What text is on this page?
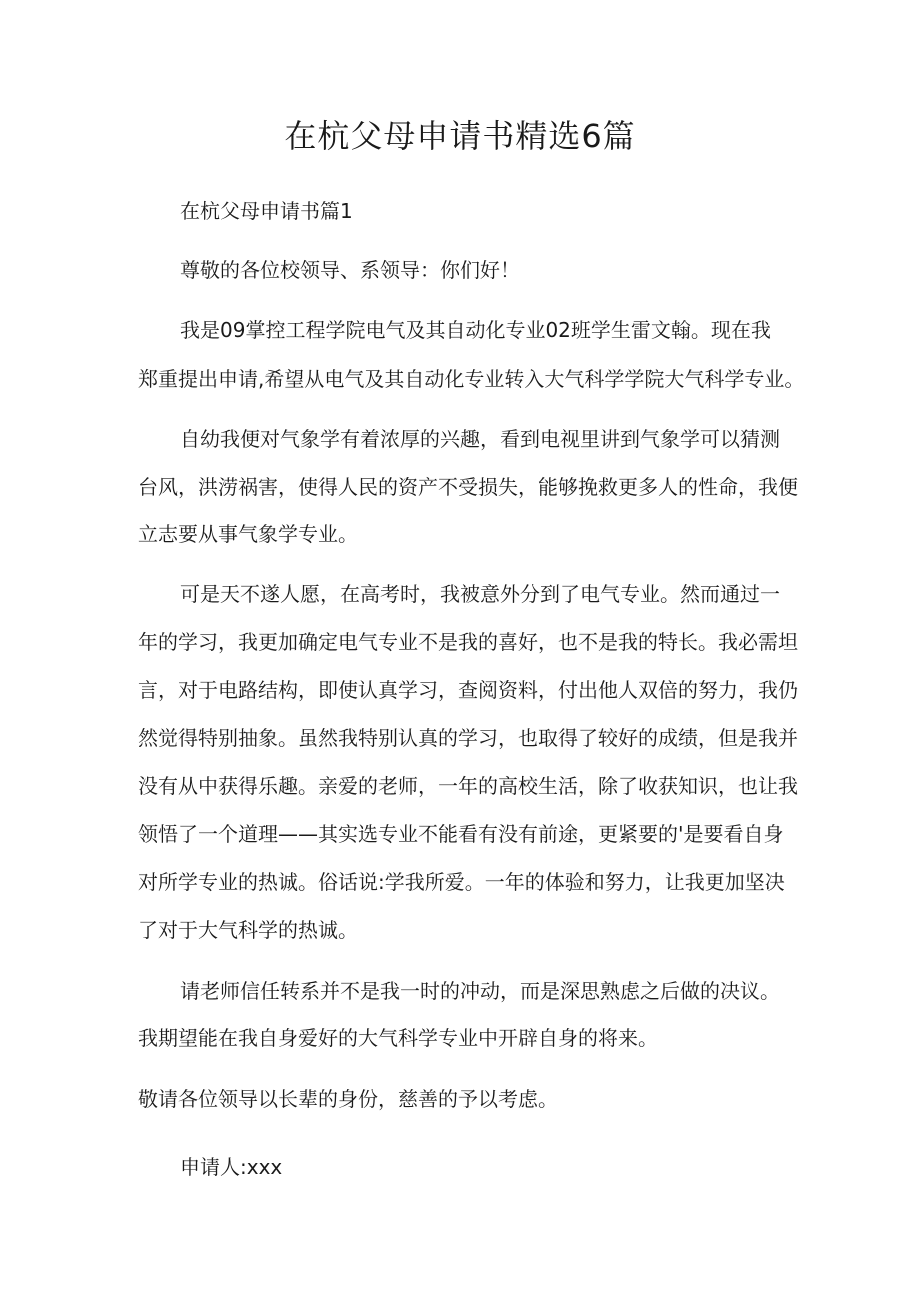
在杭父母申请书精选6篇
在杭父母申请书篇1
尊敬的各位校领导、系领导：你们好！
我是09掌控工程学院电气及其自动化专业02班学生雷文翰。现在我
郑重提出申请,希望从电气及其自动化专业转入大气科学学院大气科学专业。
自幼我便对气象学有着浓厚的兴趣，看到电视里讲到气象学可以猜测
台风，洪涝祸害，使得人民的资产不受损失，能够挽救更多人的性命，我便
立志要从事气象学专业。
可是天不遂人愿，在高考时，我被意外分到了电气专业。然而通过一
年的学习，我更加确定电气专业不是我的喜好，也不是我的特长。我必需坦
言，对于电路结构，即使认真学习，查阅资料，付出他人双倍的努力，我仍
然觉得特别抽象。虽然我特别认真的学习，也取得了较好的成绩，但是我并
没有从中获得乐趣。亲爱的老师，一年的高校生活，除了收获知识，也让我
领悟了一个道理——其实选专业不能看有没有前途，更紧要的'是要看自身
对所学专业的热诚。俗话说:学我所爱。一年的体验和努力，让我更加坚决
了对于大气科学的热诚。
请老师信任转系并不是我一时的冲动，而是深思熟虑之后做的决议。
我期望能在我自身爱好的大气科学专业中开辟自身的将来。
敬请各位领导以长辈的身份，慈善的予以考虑。
申请人:xxx
